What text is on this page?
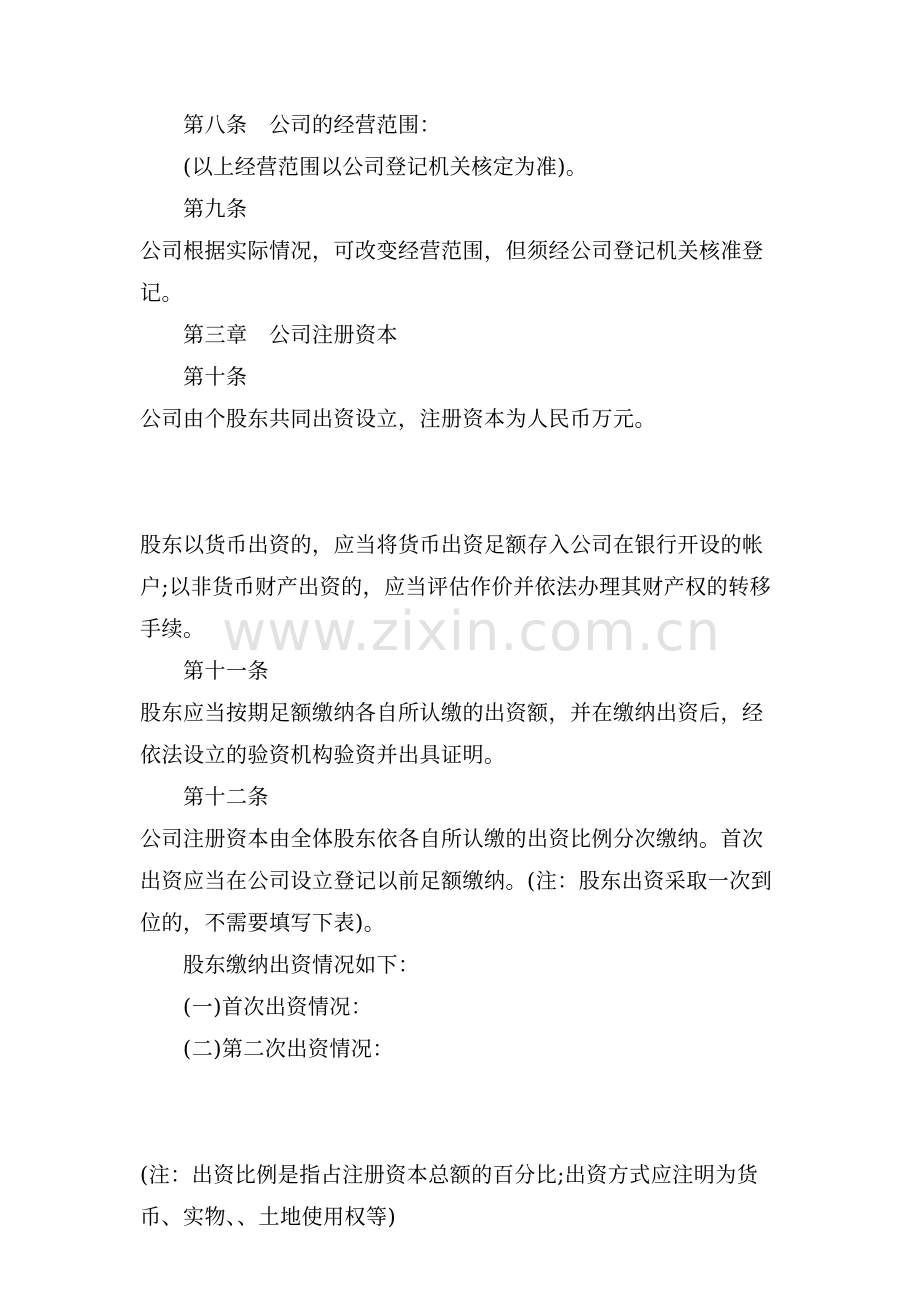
第八条　公司的经营范围：

(以上经营范围以公司登记机关核定为准)。

第九条

公司根据实际情况，可改变经营范围，但须经公司登记机关核准登记。

第三章　公司注册资本

第十条

公司由个股东共同出资设立，注册资本为人民币万元。

股东以货币出资的，应当将货币出资足额存入公司在银行开设的帐户;以非货币财产出资的，应当评估作价并依法办理其财产权的转移手续。

第十一条

股东应当按期足额缴纳各自所认缴的出资额，并在缴纳出资后，经依法设立的验资机构验资并出具证明。

第十二条

公司注册资本由全体股东依各自所认缴的出资比例分次缴纳。首次出资应当在公司设立登记以前足额缴纳。(注：股东出资采取一次到位的，不需要填写下表)。

股东缴纳出资情况如下：

(一)首次出资情况：

(二)第二次出资情况：

(注：出资比例是指占注册资本总额的百分比;出资方式应注明为货币、实物、、土地使用权等)

www.zixin.com.cn
